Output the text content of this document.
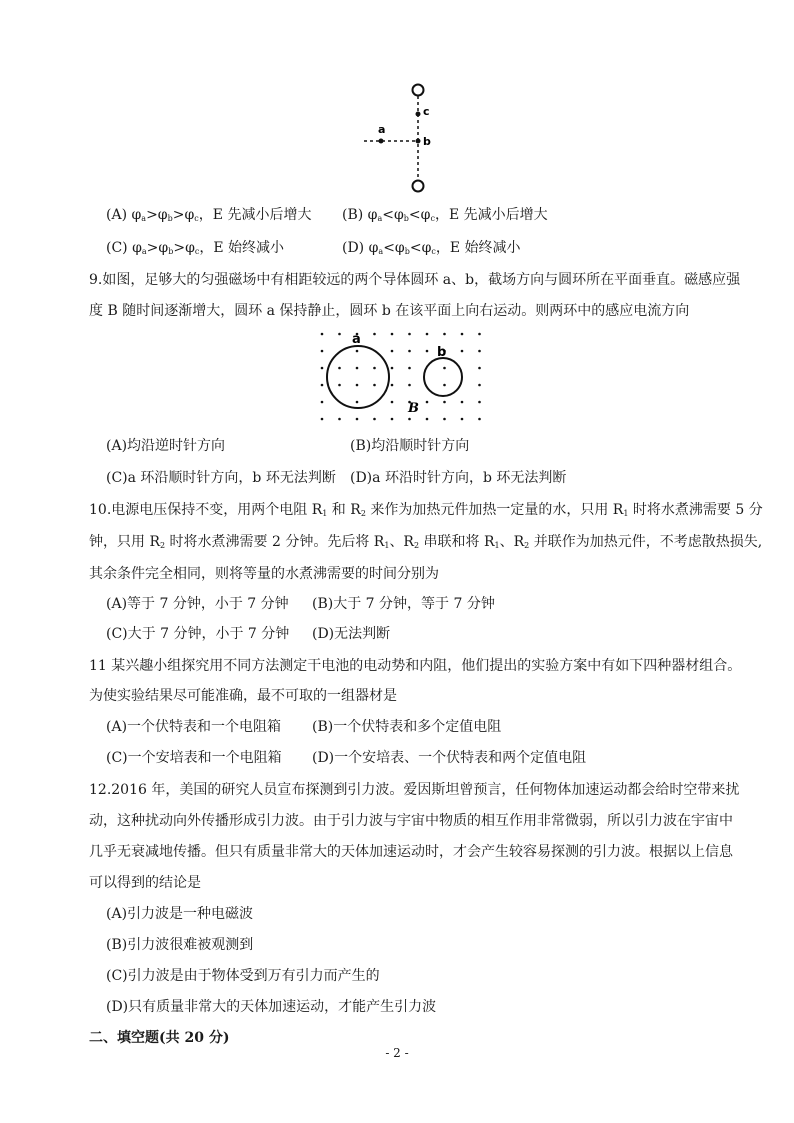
c
a
b
(A) $\varphi_a>\varphi_b>\varphi_c$，E 先减小后增大 (B) $\varphi_a<\varphi_b<\varphi_c$，E 先减小后增大
(C) $\varphi_a>\varphi_b>\varphi_c$，E 始终减小	(D) $\varphi_a<\varphi_b<\varphi_c$，E 始终减小
9.如图，足够大的匀强磁场中有相距较远的两个导体圆环 a、b，截场方向与圆环所在平面垂直。磁感应强
度 B 随时间逐渐增大，圆环 a 保持静止，圆环 b 在该平面上向右运动。则两环中的感应电流方向
a
b
B
(A)均沿逆时针方向	(B)均沿顺时针方向
(C)a 环沿顺时针方向，b 环无法判断 (D)a 环沿时针方向，b 环无法判断
10.电源电压保持不变，用两个电阻 $R_1$ 和 $R_2$ 来作为加热元件加热一定量的水，只用 $R_1$ 时将水煮沸需要 5 分
钟，只用 $R_2$ 时将水煮沸需要 2 分钟。先后将 $R_1$、$R_2$ 串联和将 $R_1$、$R_2$ 并联作为加热元件，不考虑散热损失,
其余条件完全相同，则将等量的水煮沸需要的时间分别为
(A)等于 7 分钟，小于 7 分钟 (B)大于 7 分钟，等于 7 分钟
(C)大于 7 分钟，小于 7 分钟 (D)无法判断
11 某兴趣小组探究用不同方法测定干电池的电动势和内阻，他们提出的实验方案中有如下四种器材组合。
为使实验结果尽可能准确，最不可取的一组器材是
(A)一个伏特表和一个电阻箱 (B)一个伏特表和多个定值电阻
(C)一个安培表和一个电阻箱 (D)一个安培表、一个伏特表和两个定值电阻
12.2016 年，美国的研究人员宣布探测到引力波。爱因斯坦曾预言，任何物体加速运动都会给时空带来扰
动，这种扰动向外传播形成引力波。由于引力波与宇宙中物质的相互作用非常微弱，所以引力波在宇宙中
几乎无衰减地传播。但只有质量非常大的天体加速运动时，才会产生较容易探测的引力波。根据以上信息
可以得到的结论是
(A)引力波是一种电磁波
(B)引力波很难被观测到
(C)引力波是由于物体受到万有引力而产生的
(D)只有质量非常大的天体加速运动，才能产生引力波
二、填空题(共 20 分)
- 2 -
